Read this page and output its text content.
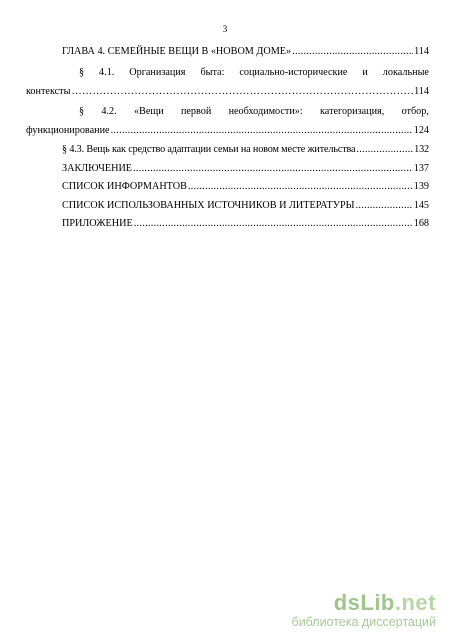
3
ГЛАВА 4. СЕМЕЙНЫЕ ВЕЩИ В «НОВОМ ДОМЕ» .....	114
§ 4.1. Организация быта: социально-исторические и локальные
контексты ……………………………………………………………………………………………………………………………	114
§ 4.2. «Вещи первой необходимости»: категоризация, отбор,
функционирование .....	124
§ 4.3. Вещь как средство адаптации семьи на новом месте жительства .....	132
ЗАКЛЮЧЕНИЕ .....	137
СПИСОК ИНФОРМАНТОВ .....	139
СПИСОК ИСПОЛЬЗОВАННЫХ ИСТОЧНИКОВ И ЛИТЕРАТУРЫ .....	145
ПРИЛОЖЕНИЕ .....	168
dsLib.net
библиотека диссертаций
